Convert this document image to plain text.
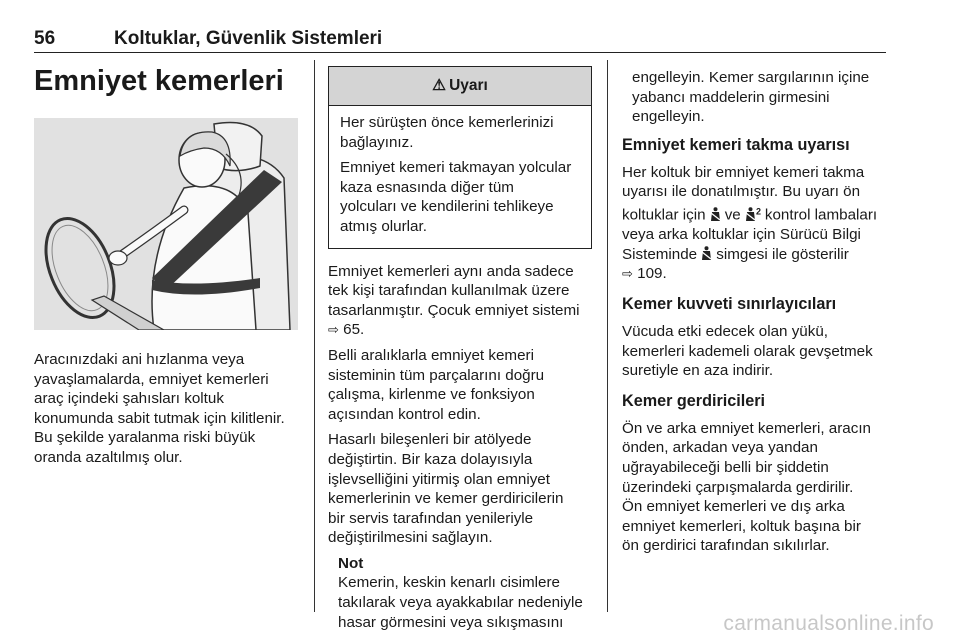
56	Koltuklar, Güvenlik Sistemleri
Emniyet kemerleri

Aracınızdaki ani hızlanma veya
yavaşlamalarda, emniyet kemerleri
araç içindeki şahısları koltuk
konumunda sabit tutmak için kilitlenir.
Bu şekilde yaralanma riski büyük
oranda azaltılmış olur.

⚠ Uyarı

Her sürüşten önce kemerlerinizi
bağlayınız.

Emniyet kemeri takmayan yolcular
kaza esnasında diğer tüm
yolcuları ve kendilerini tehlikeye
atmış olurlar.

Emniyet kemerleri aynı anda sadece
tek kişi tarafından kullanılmak üzere
tasarlanmıştır. Çocuk emniyet sistemi
⇨ 65.

Belli aralıklarla emniyet kemeri
sisteminin tüm parçalarını doğru
çalışma, kirlenme ve fonksiyon
açısından kontrol edin.

Hasarlı bileşenleri bir atölyede
değiştirtin. Bir kaza dolayısıyla
işlevselliğini yitirmiş olan emniyet
kemerlerinin ve kemer gerdiricilerin
bir servis tarafından yenileriyle
değiştirilmesini sağlayın.

Not

Kemerin, keskin kenarlı cisimlere
takılarak veya ayakkabılar nedeniyle
hasar görmesini veya sıkışmasını

engelleyin. Kemer sargılarının içine
yabancı maddelerin girmesini
engelleyin.

Emniyet kemeri takma uyarısı

Her koltuk bir emniyet kemeri takma
uyarısı ile donatılmıştır. Bu uyarı ön
koltuklar için ve $^2$ kontrol lambaları
veya arka koltuklar için Sürücü Bilgi
Sisteminde simgesi ile gösterilir
⇨ 109.

Kemer kuvveti sınırlayıcıları

Vücuda etki edecek olan yükü,
kemerleri kademeli olarak gevşetmek
suretiyle en aza indirir.

Kemer gerdiricileri

Ön ve arka emniyet kemerleri, aracın
önden, arkadan veya yandan
uğrayabileceği belli bir şiddetin
üzerindeki çarpışmalarda gerdirilir.
Ön emniyet kemerleri ve dış arka
emniyet kemerleri, koltuk başına bir
ön gerdirici tarafından sıkılırlar.

carmanualsonline.info
